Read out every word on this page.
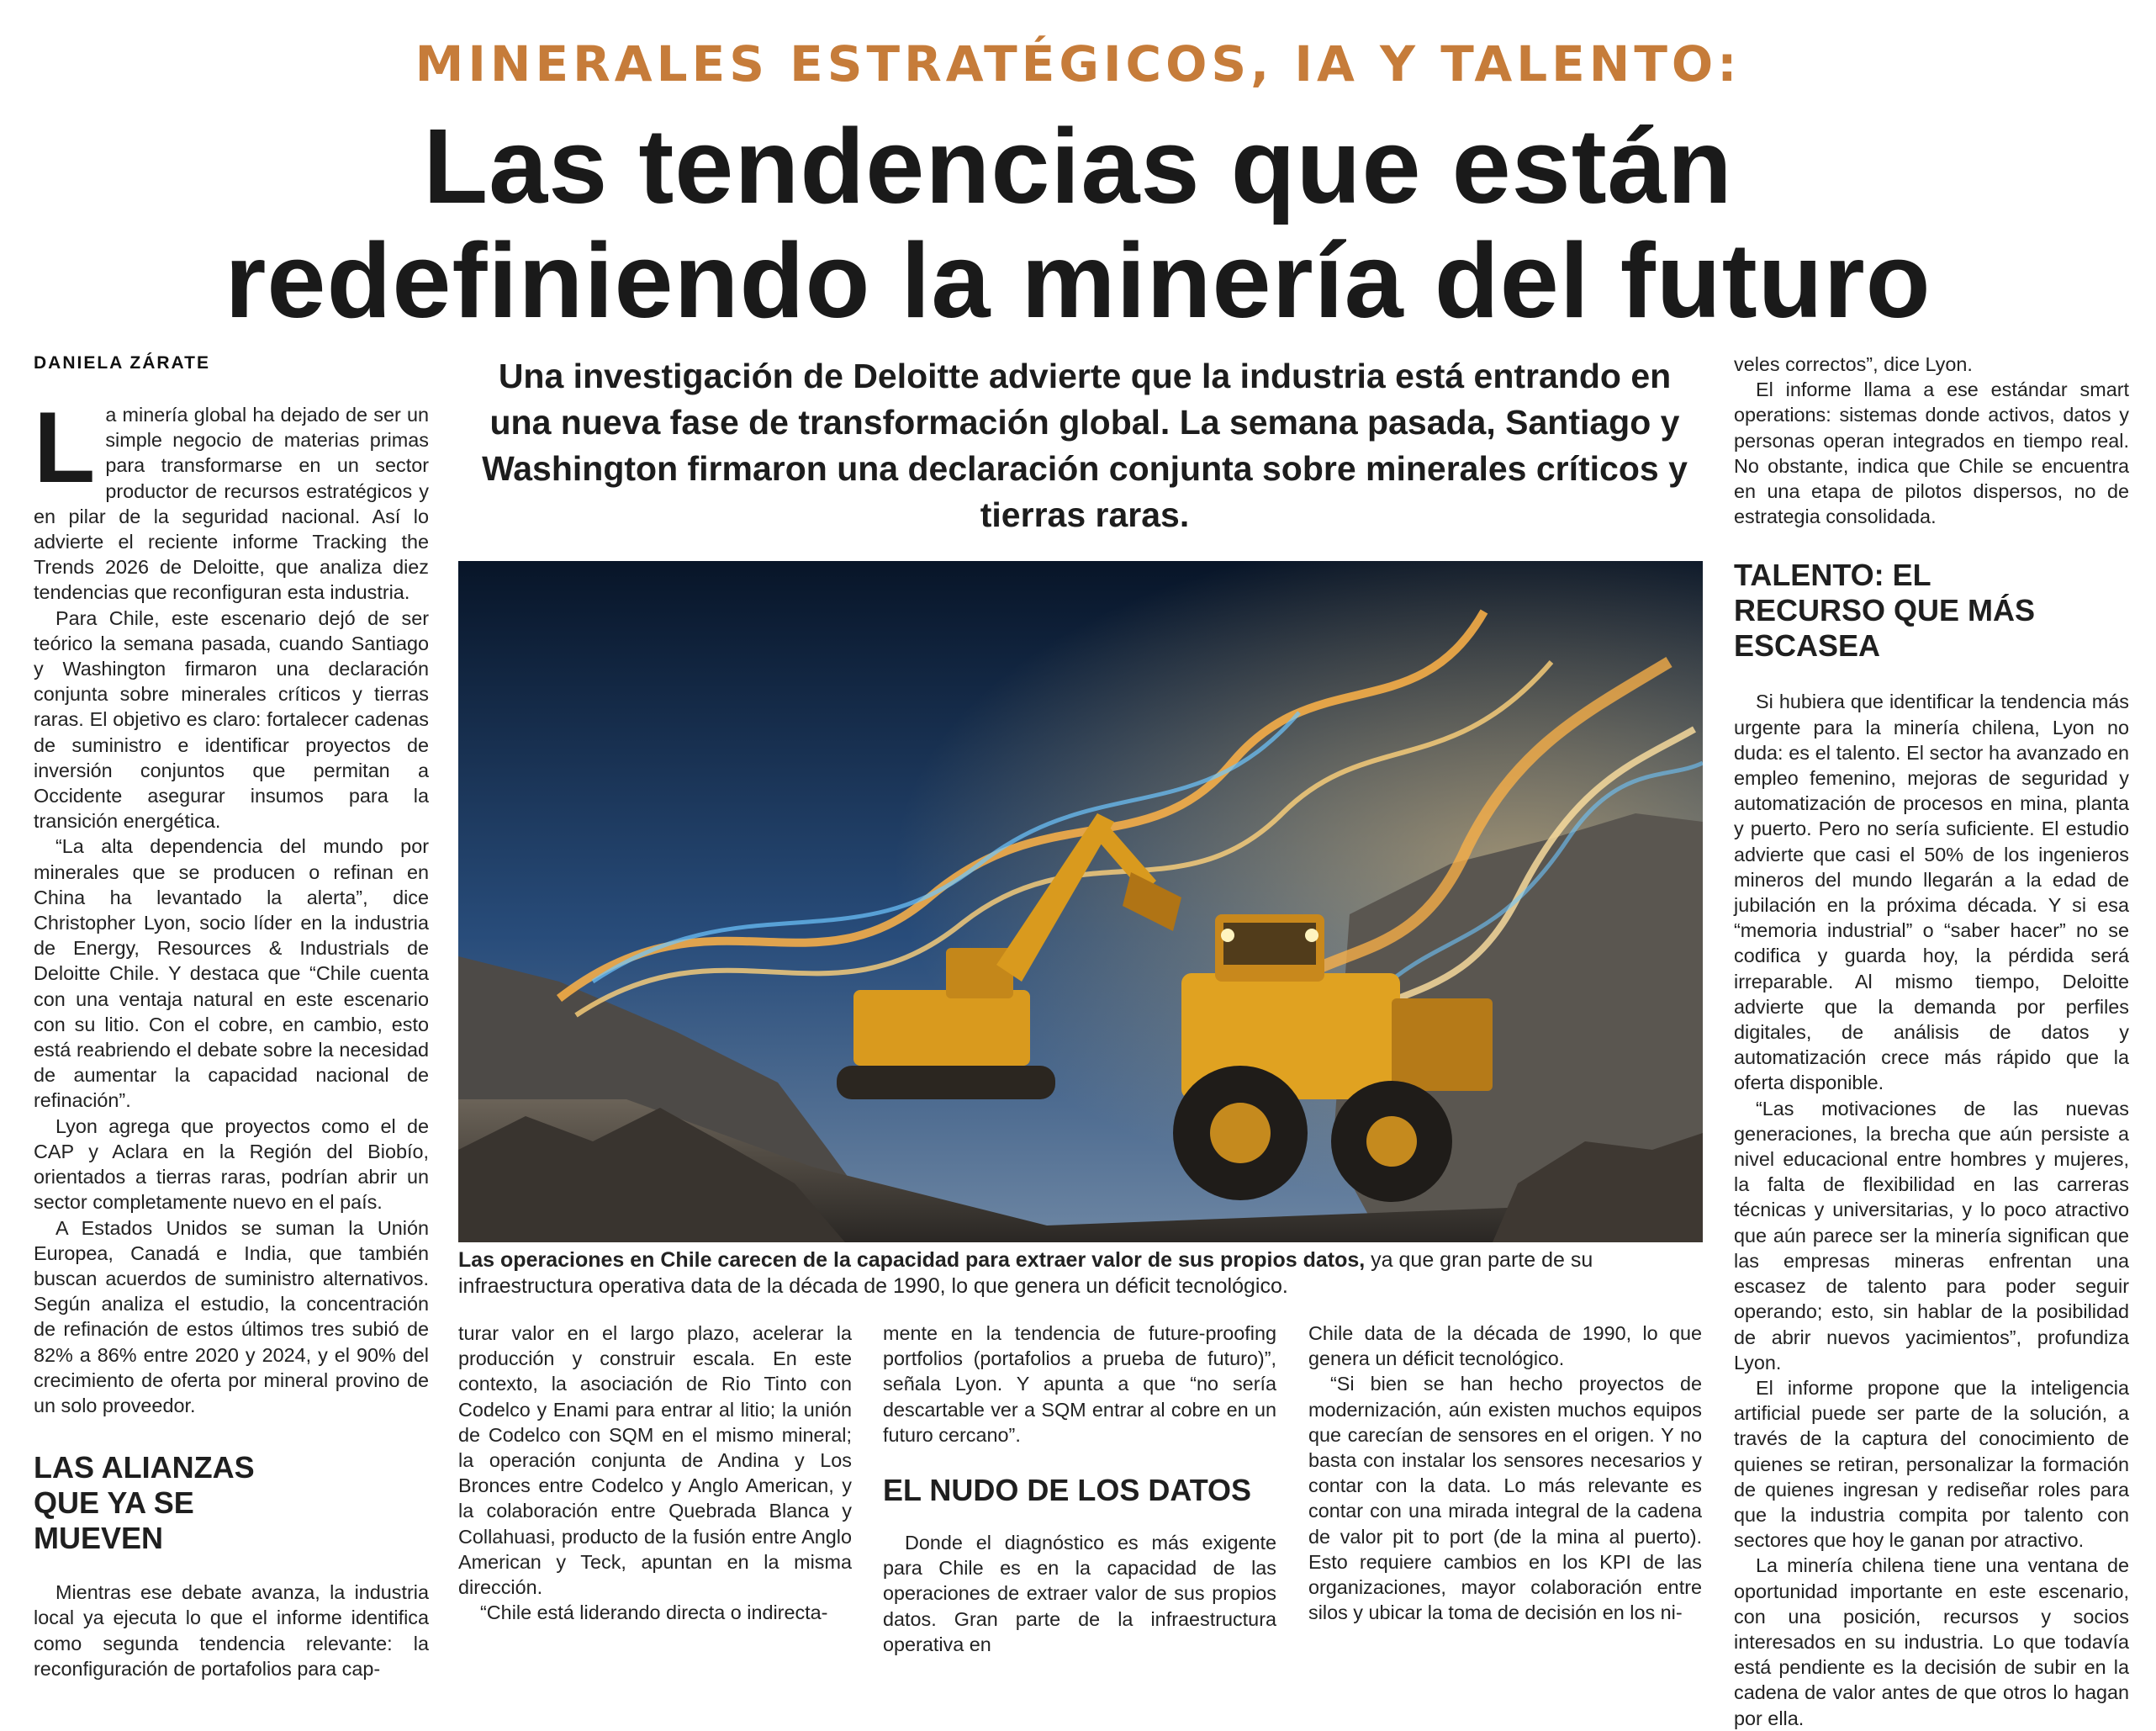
MINERALES ESTRATÉGICOS, IA Y TALENTO:
Las tendencias que están
redefiniendo la minería del futuro
DANIELA ZÁRATE	Una investigación de Deloitte advierte que la industria está entrando en una nueva fase de transformación global. La semana pasada, Santiago y Washington firmaron una declaración conjunta sobre minerales críticos y tierras raras.

La minería global ha dejado de ser un simple negocio de materias primas para transformarse en un sector productor de recursos estratégicos y en pilar de la seguridad nacional. Así lo advierte el reciente informe Tracking the Trends 2026 de Deloitte, que analiza diez tendencias que reconfiguran esta industria.

Para Chile, este escenario dejó de ser teórico la semana pasada, cuando Santiago y Washington firmaron una declaración conjunta sobre minerales críticos y tierras raras. El objetivo es claro: fortalecer cadenas de suministro e identificar proyectos de inversión conjuntos que permitan a Occidente asegurar insumos para la transición energética.

“La alta dependencia del mundo por minerales que se producen o refinan en China ha levantado la alerta”, dice Christopher Lyon, socio líder en la industria de Energy, Resources & Industrials de Deloitte Chile. Y destaca que “Chile cuenta con una ventaja natural en este escenario con su litio. Con el cobre, en cambio, esto está reabriendo el debate sobre la necesidad de aumentar la capacidad nacional de refinación”.

Lyon agrega que proyectos como el de CAP y Aclara en la Región del Biobío, orientados a tierras raras, podrían abrir un sector completamente nuevo en el país.

A Estados Unidos se suman la Unión Europea, Canadá e India, que también buscan acuerdos de suministro alternativos. Según analiza el estudio, la concentración de refinación de estos últimos tres subió de 82% a 86% entre 2020 y 2024, y el 90% del crecimiento de oferta por mineral provino de un solo proveedor.

LAS ALIANZAS QUE YA SE MUEVEN

Mientras ese debate avanza, la industria local ya ejecuta lo que el informe identifica como segunda tendencia relevante: la reconfiguración de portafolios para cap-

Las operaciones en Chile carecen de la capacidad para extraer valor de sus propios datos, ya que gran parte de su infraestructura operativa data de la década de 1990, lo que genera un déficit tecnológico.

turar valor en el largo plazo, acelerar la producción y construir escala. En este contexto, la asociación de Rio Tinto con Codelco y Enami para entrar al litio; la unión de Codelco con SQM en el mismo mineral; la operación conjunta de Andina y Los Bronces entre Codelco y Anglo American, y la colaboración entre Quebrada Blanca y Collahuasi, producto de la fusión entre Anglo American y Teck, apuntan en la misma dirección.

“Chile está liderando directa o indirecta-

mente en la tendencia de future-proofing portfolios (portafolios a prueba de futuro)”, señala Lyon. Y apunta a que “no sería descartable ver a SQM entrar al cobre en un futuro cercano”.

EL NUDO DE LOS DATOS

Donde el diagnóstico es más exigente para Chile es en la capacidad de las operaciones de extraer valor de sus propios datos. Gran parte de la infraestructura operativa en

Chile data de la década de 1990, lo que genera un déficit tecnológico.

“Si bien se han hecho proyectos de modernización, aún existen muchos equipos que carecían de sensores en el origen. Y no basta con instalar los sensores necesarios y contar con la data. Lo más relevante es contar con una mirada integral de la cadena de valor pit to port (de la mina al puerto). Esto requiere cambios en los KPI de las organizaciones, mayor colaboración entre silos y ubicar la toma de decisión en los ni-

veles correctos”, dice Lyon.

El informe llama a ese estándar smart operations: sistemas donde activos, datos y personas operan integrados en tiempo real. No obstante, indica que Chile se encuentra en una etapa de pilotos dispersos, no de estrategia consolidada.

TALENTO: EL RECURSO QUE MÁS ESCASEA

Si hubiera que identificar la tendencia más urgente para la minería chilena, Lyon no duda: es el talento. El sector ha avanzado en empleo femenino, mejoras de seguridad y automatización de procesos en mina, planta y puerto. Pero no sería suficiente. El estudio advierte que casi el 50% de los ingenieros mineros del mundo llegarán a la edad de jubilación en la próxima década. Y si esa “memoria industrial” o “saber hacer” no se codifica y guarda hoy, la pérdida será irreparable. Al mismo tiempo, Deloitte advierte que la demanda por perfiles digitales, de análisis de datos y automatización crece más rápido que la oferta disponible.

“Las motivaciones de las nuevas generaciones, la brecha que aún persiste a nivel educacional entre hombres y mujeres, la falta de flexibilidad en las carreras técnicas y universitarias, y lo poco atractivo que aún parece ser la minería significan que las empresas mineras enfrentan una escasez de talento para poder seguir operando; esto, sin hablar de la posibilidad de abrir nuevos yacimientos”, profundiza Lyon.

El informe propone que la inteligencia artificial puede ser parte de la solución, a través de la captura del conocimiento de quienes se retiran, personalizar la formación de quienes ingresan y rediseñar roles para que la industria compita por talento con sectores que hoy le ganan por atractivo.

La minería chilena tiene una ventana de oportunidad importante en este escenario, con una posición, recursos y socios interesados en su industria. Lo que todavía está pendiente es la decisión de subir en la cadena de valor antes de que otros lo hagan por ella.
